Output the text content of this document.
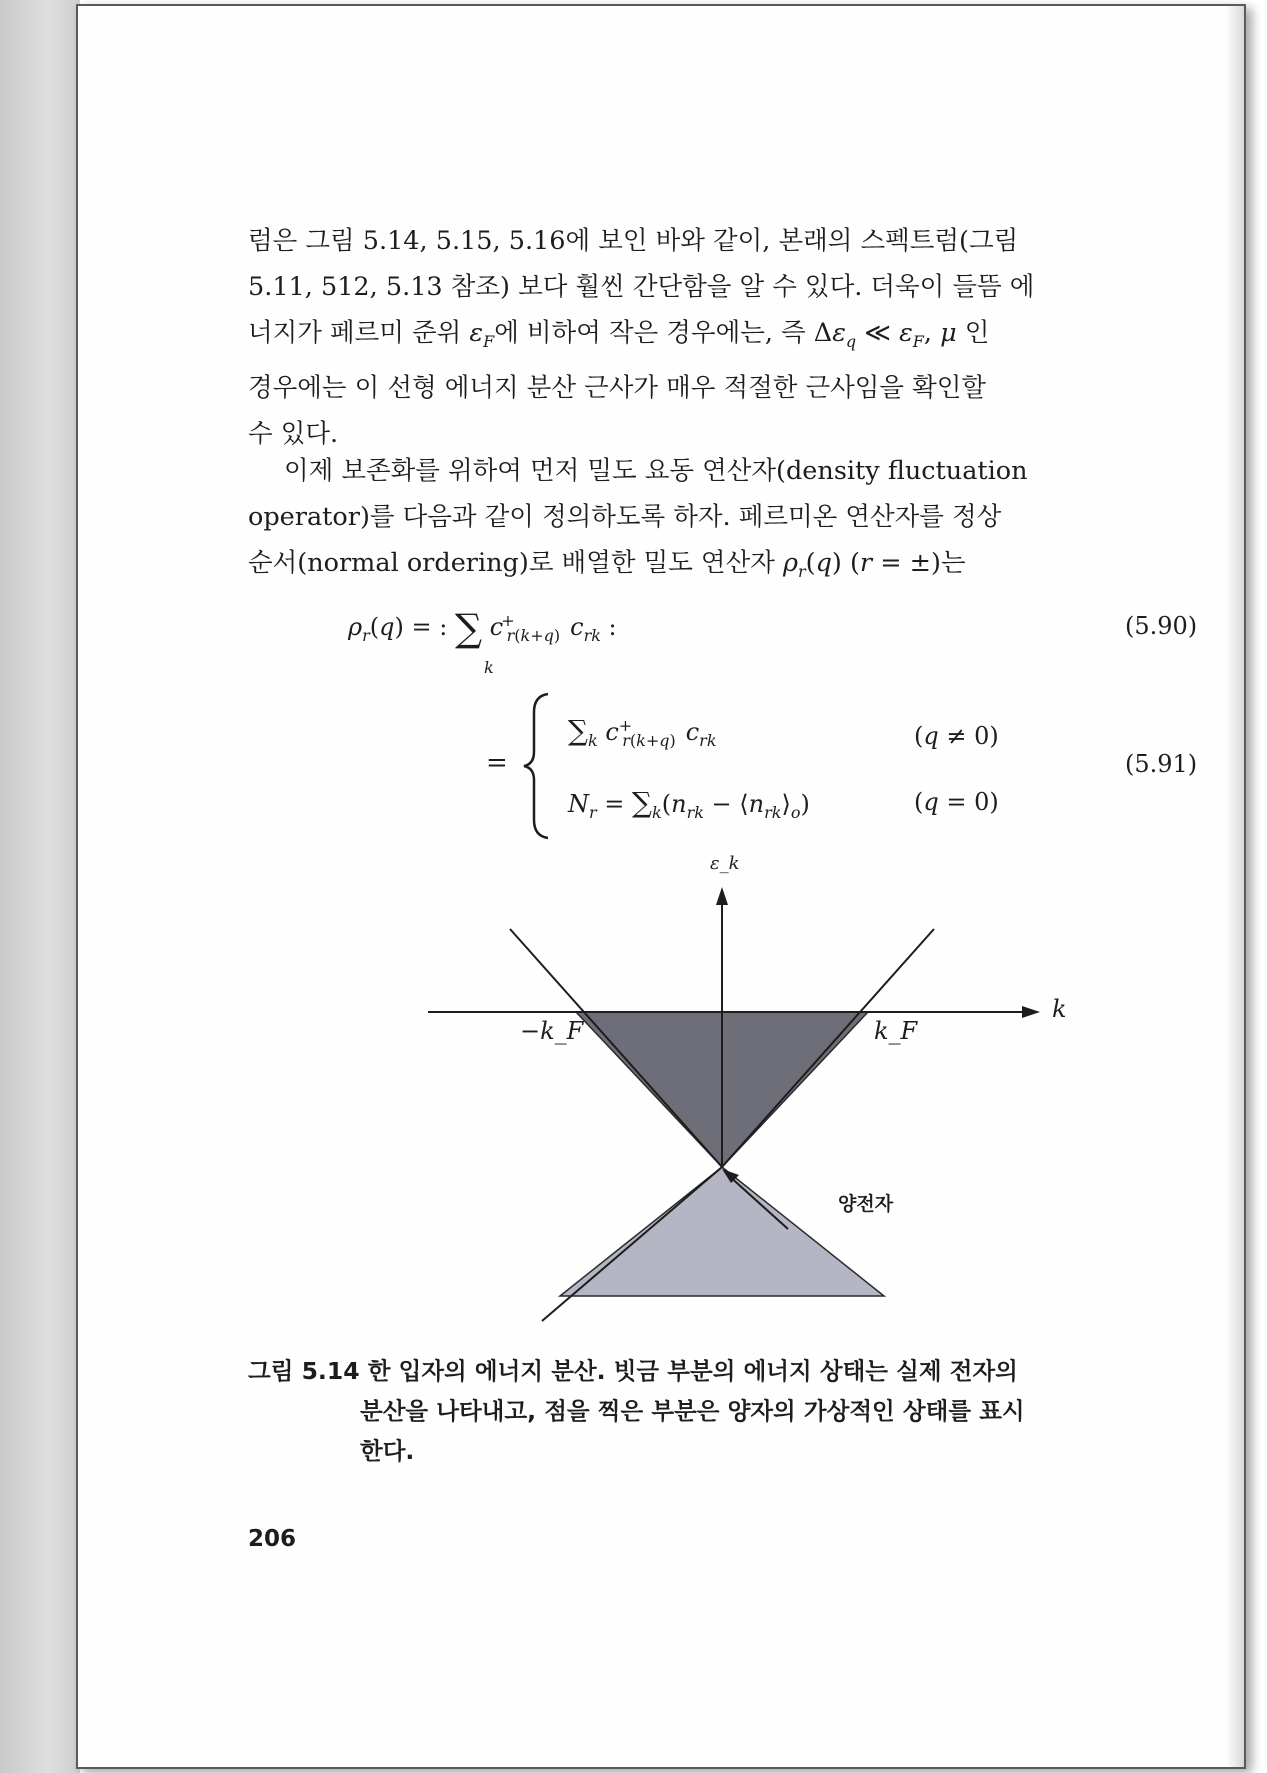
럼은 그림 5.14, 5.15, 5.16에 보인 바와 같이, 본래의 스펙트럼(그림

5.11, 512, 5.13 참조) 보다 훨씬 간단함을 알 수 있다. 더욱이 들뜸 에

너지가 페르미 준위 $\varepsilon_F$에 비하여 작은 경우에는, 즉 $\Delta\varepsilon_q$ ≪ $\varepsilon_F$, μ 인

경우에는 이 선형 에너지 분산 근사가 매우 적절한 근사임을 확인할

수 있다.

이제 보존화를 위하여 먼저 밀도 요동 연산자(density fluctuation

operator)를 다음과 같이 정의하도록 하자. 페르미온 연산자를 정상

순서(normal ordering)로 배열한 밀도 연산자 $\rho_r(q) (r$ = ±)는

$\rho_r(q)$ = : ∑ $c^+_{r(k+q)}$ $c_{rk}$ :
k
(5.90)
=
$\sum_k$ $c^+_{r(k+q)}$ $c_{rk}$	(q ≠ 0)
$N_r = \sum_k(n_{rk}$ − $⟨n_{rk}⟩_o$)	(q = 0)
(5.91)
ε_k
k
−k_F	k_F
양전자
그림 5.14 한 입자의 에너지 분산. 빗금 부분의 에너지 상태는 실제 전자의
분산을 나타내고, 점을 찍은 부분은 양자의 가상적인 상태를 표시
한다.
206
